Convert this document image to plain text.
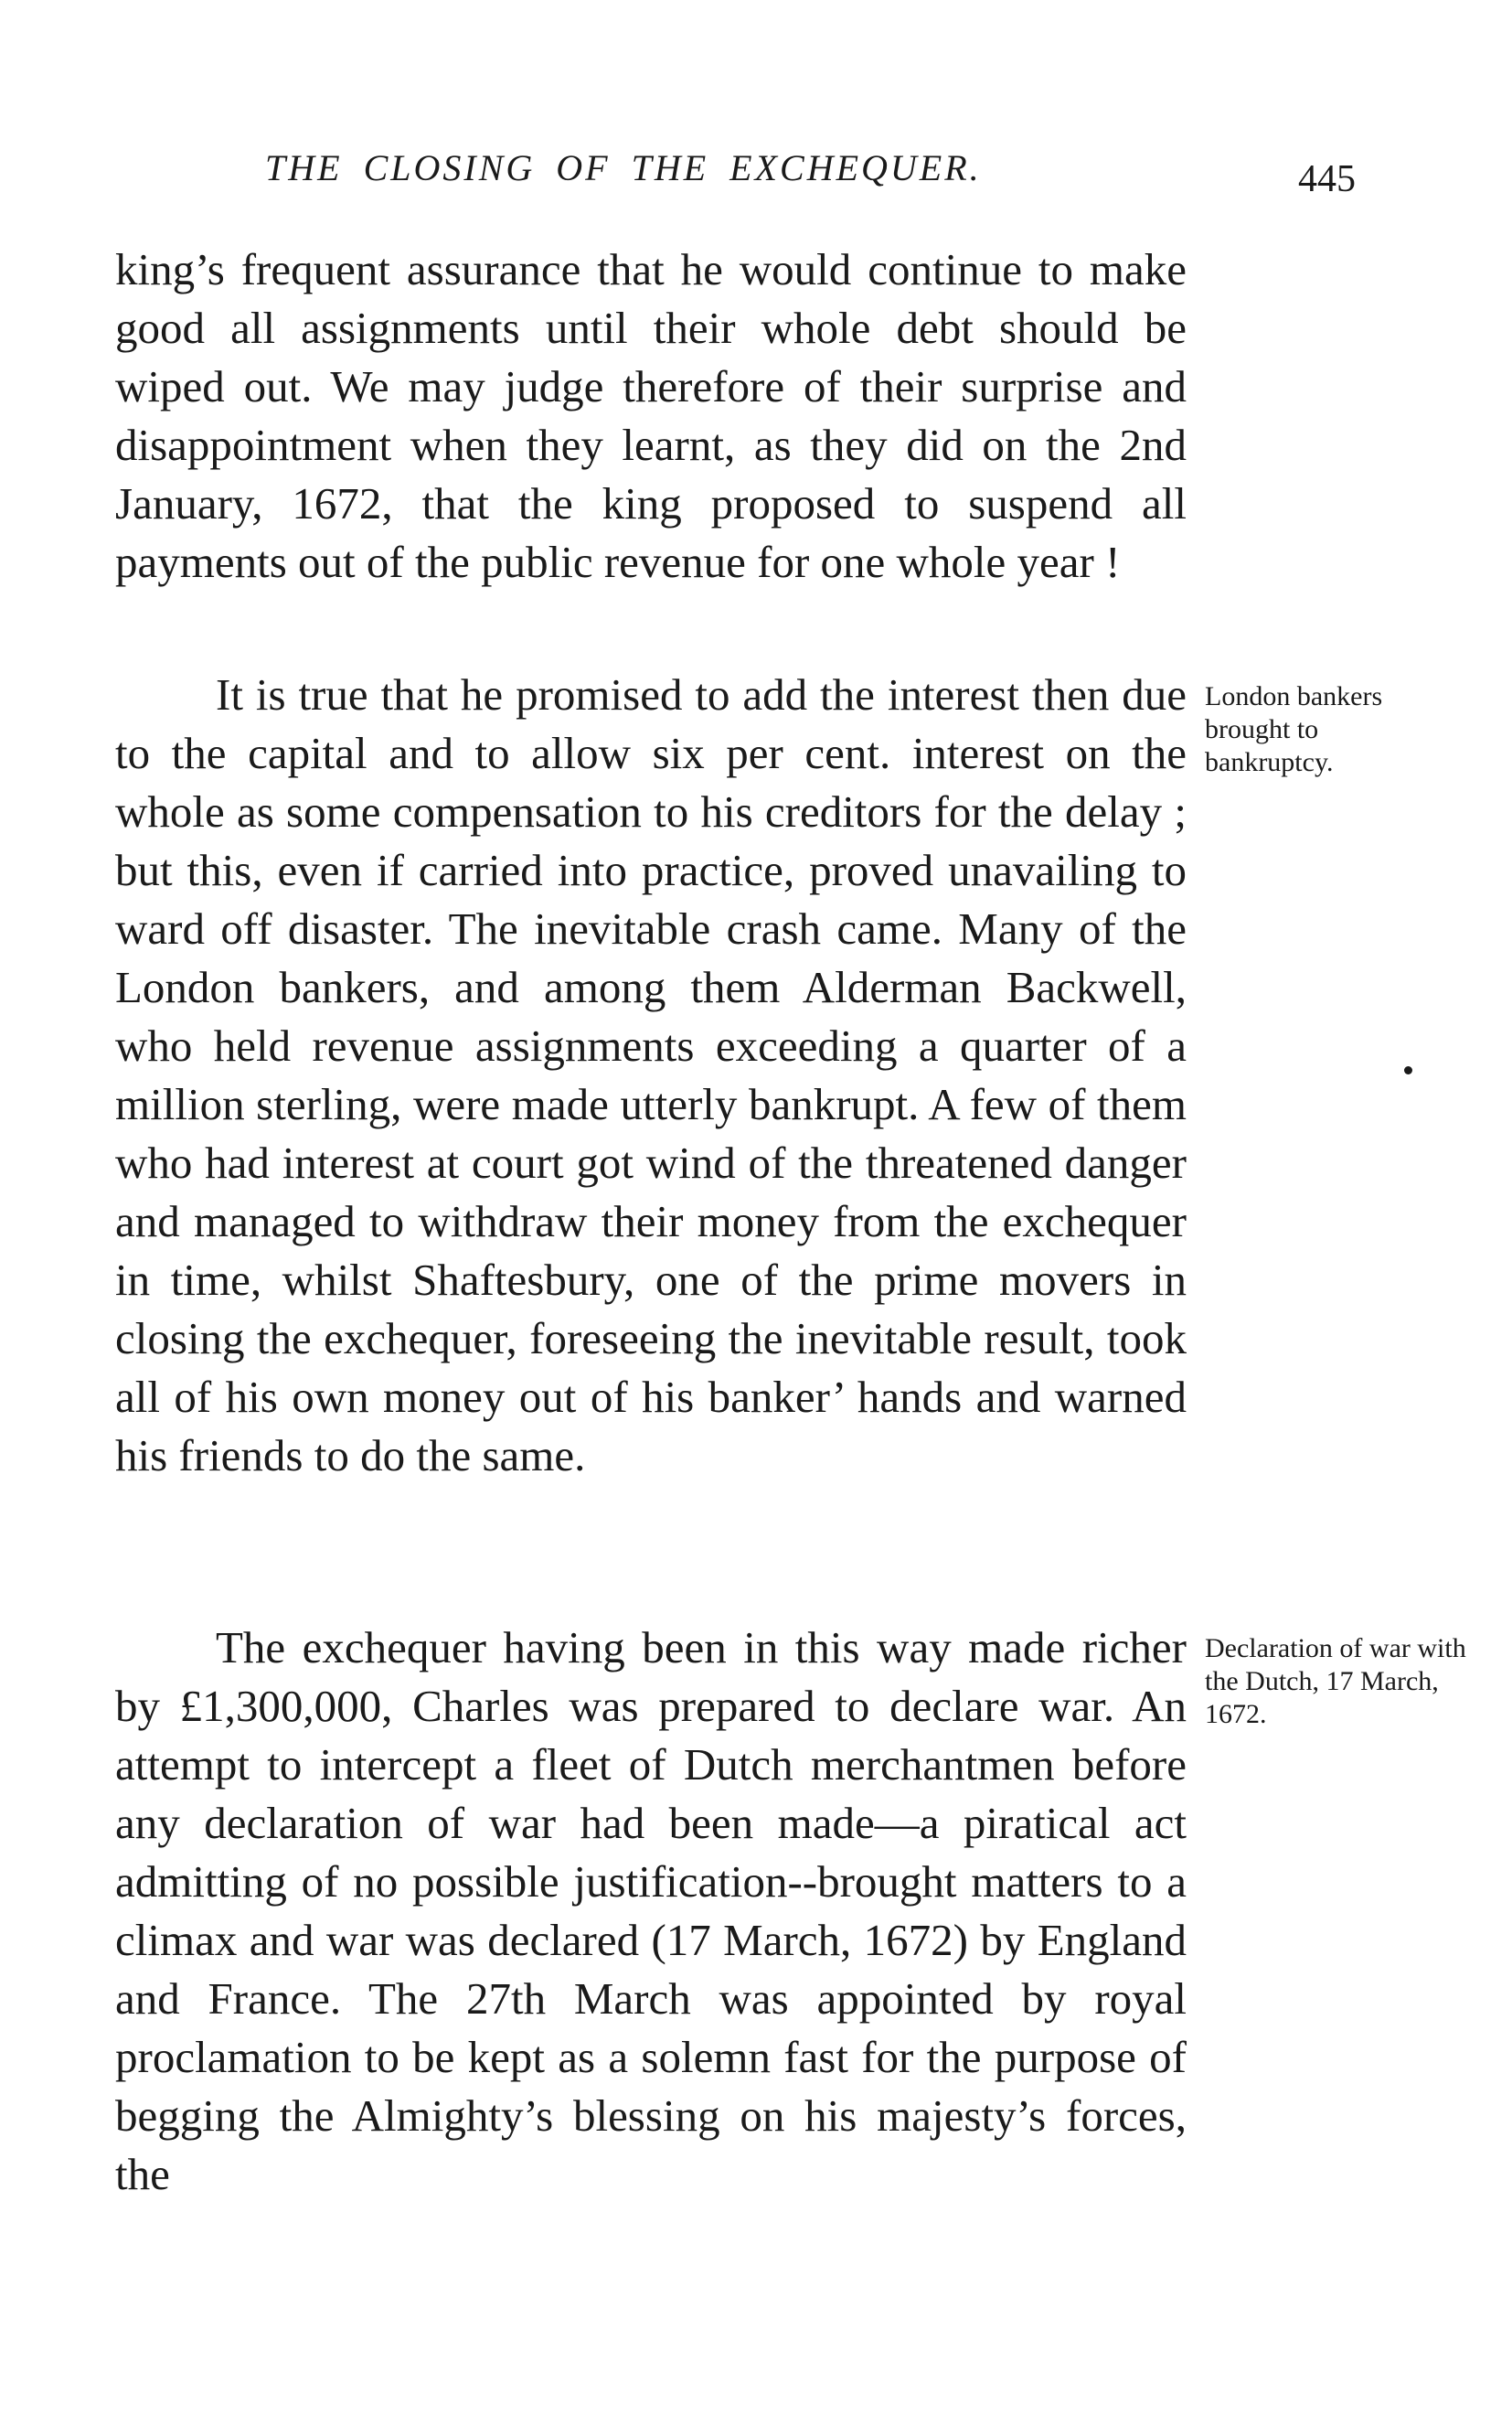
THE CLOSING OF THE EXCHEQUER.	445

king’s frequent assurance that he would continue to make good all assignments until their whole debt should be wiped out. We may judge therefore of their surprise and disappointment when they learnt, as they did on the 2nd January, 1672, that the king proposed to suspend all payments out of the public revenue for one whole year !

It is true that he promised to add the interest then due to the capital and to allow six per cent. interest on the whole as some compensation to his creditors for the delay ; but this, even if carried into practice, proved unavailing to ward off disaster. The inevitable crash came. Many of the London bankers, and among them Alderman Backwell, who held revenue assignments exceeding a quarter of a million sterling, were made utterly bankrupt. A few of them who had interest at court got wind of the threatened danger and managed to withdraw their money from the exchequer in time, whilst Shaftesbury, one of the prime movers in closing the exchequer, foreseeing the inevitable result, took all of his own money out of his banker’ hands and warned his friends to do the same.

The exchequer having been in this way made richer by £1,300,000, Charles was prepared to declare war. An attempt to intercept a fleet of Dutch merchantmen before any declaration of war had been made—a piratical act admitting of no possible justification--brought matters to a climax and war was declared (17 March, 1672) by England and France. The 27th March was appointed by royal proclamation to be kept as a solemn fast for the purpose of begging the Almighty’s blessing on his majesty’s forces, the

London bankers brought to bankruptcy.

Declaration of war with the Dutch, 17 March, 1672.
